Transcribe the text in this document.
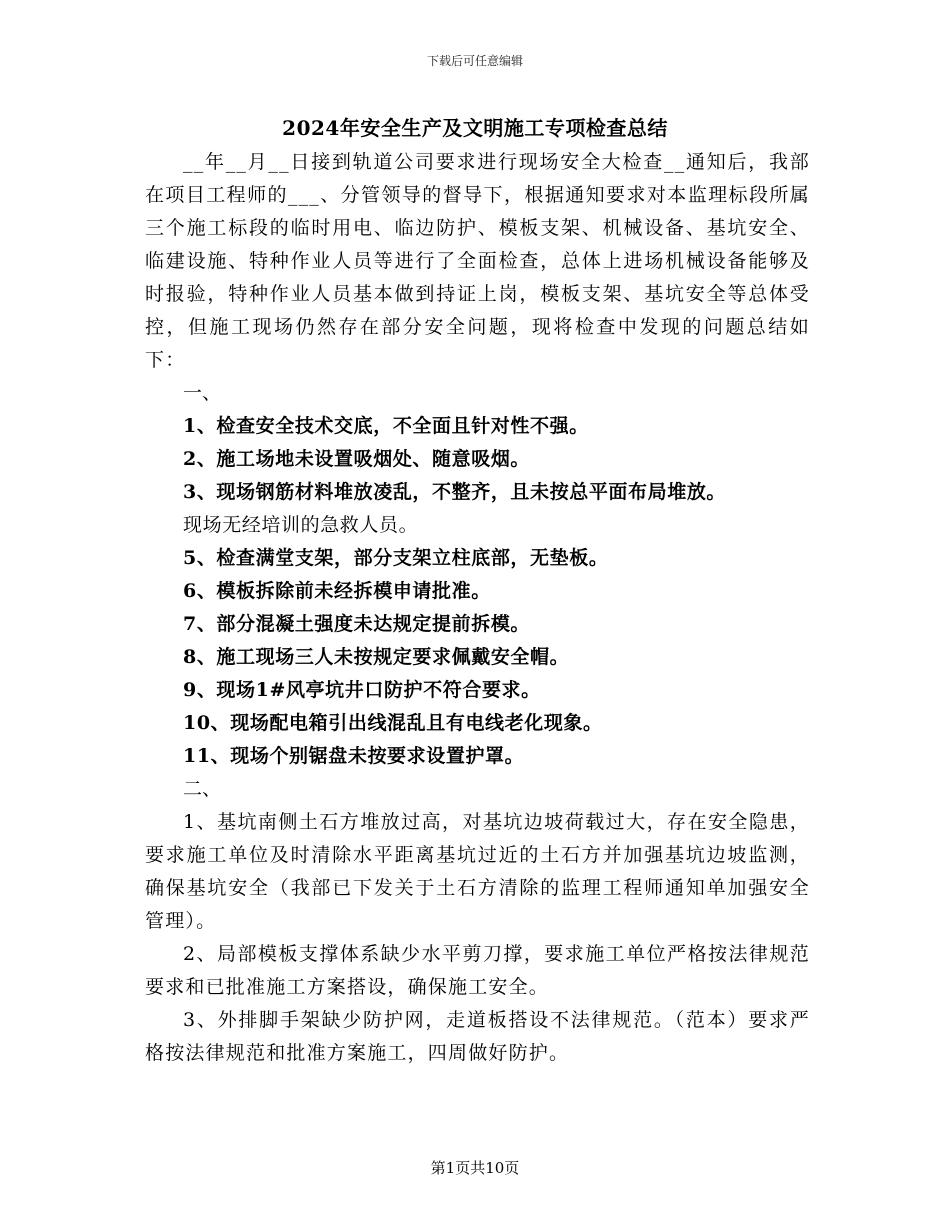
下载后可任意编辑
2024年安全生产及文明施工专项检查总结

__年__月__日接到轨道公司要求进行现场安全大检查__通知后，我部在项目工程师的___、分管领导的督导下，根据通知要求对本监理标段所属三个施工标段的临时用电、临边防护、模板支架、机械设备、基坑安全、临建设施、特种作业人员等进行了全面检查，总体上进场机械设备能够及时报验，特种作业人员基本做到持证上岗，模板支架、基坑安全等总体受控，但施工现场仍然存在部分安全问题，现将检查中发现的问题总结如下：

一、

1、检查安全技术交底，不全面且针对性不强。

2、施工场地未设置吸烟处、随意吸烟。

3、现场钢筋材料堆放凌乱，不整齐，且未按总平面布局堆放。

现场无经培训的急救人员。

5、检查满堂支架，部分支架立柱底部，无垫板。

6、模板拆除前未经拆模申请批准。

7、部分混凝土强度未达规定提前拆模。

8、施工现场三人未按规定要求佩戴安全帽。

9、现场1#风亭坑井口防护不符合要求。

10、现场配电箱引出线混乱且有电线老化现象。

11、现场个别锯盘未按要求设置护罩。

二、

1、基坑南侧土石方堆放过高，对基坑边坡荷载过大，存在安全隐患，要求施工单位及时清除水平距离基坑过近的土石方并加强基坑边坡监测，确保基坑安全（我部已下发关于土石方清除的监理工程师通知单加强安全管理）。

2、局部模板支撑体系缺少水平剪刀撑，要求施工单位严格按法律规范要求和已批准施工方案搭设，确保施工安全。

3、外排脚手架缺少防护网，走道板搭设不法律规范。（范本）要求严格按法律规范和批准方案施工，四周做好防护。

第1页共10页
